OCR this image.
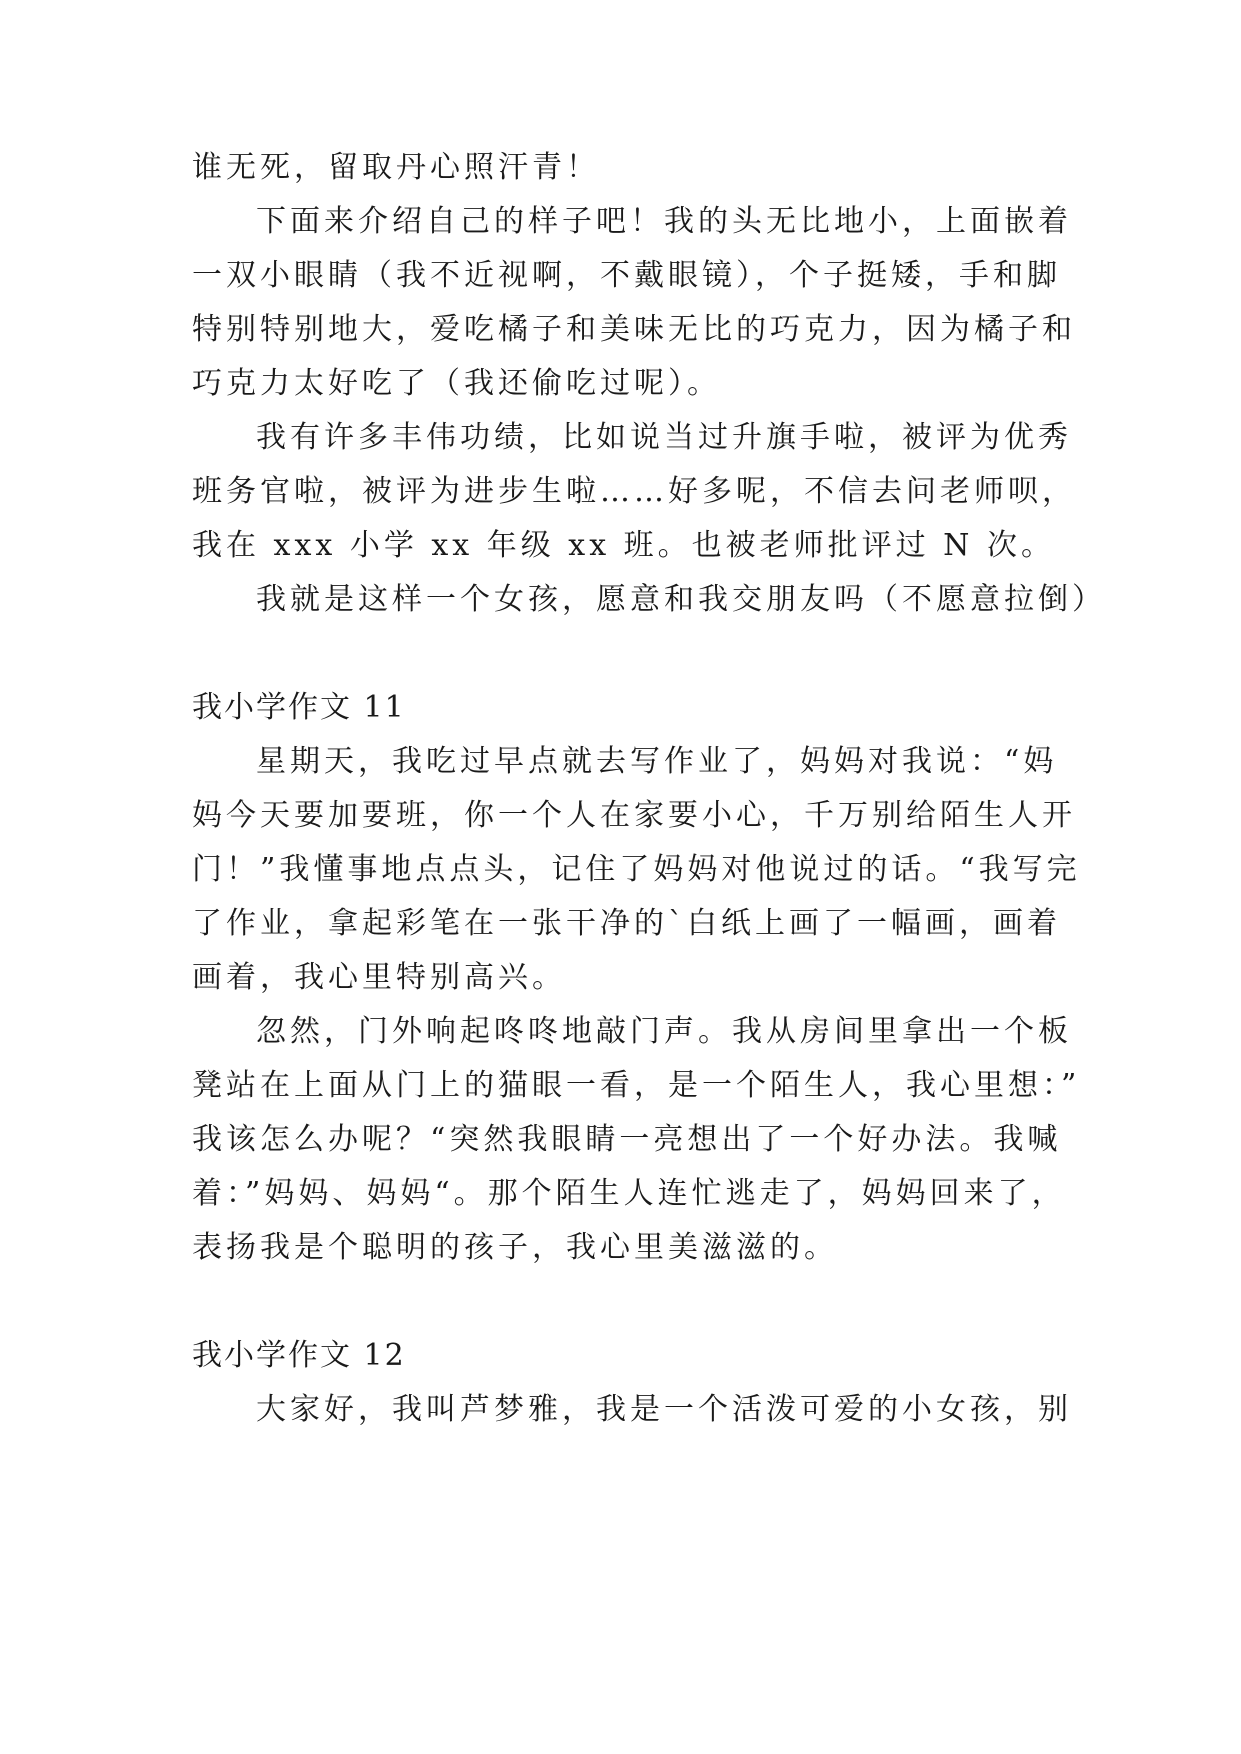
谁无死，留取丹心照汗青！
下面来介绍自己的样子吧！我的头无比地小，上面嵌着
一双小眼睛（我不近视啊，不戴眼镜），个子挺矮，手和脚
特别特别地大，爱吃橘子和美味无比的巧克力，因为橘子和
巧克力太好吃了（我还偷吃过呢）。
我有许多丰伟功绩，比如说当过升旗手啦，被评为优秀
班务官啦，被评为进步生啦……好多呢，不信去问老师呗，
我在 xxx 小学 xx 年级 xx 班。也被老师批评过 N 次。
我就是这样一个女孩，愿意和我交朋友吗（不愿意拉倒）
我小学作文 11
星期天，我吃过早点就去写作业了，妈妈对我说：“妈
妈今天要加要班，你一个人在家要小心，千万别给陌生人开
门！”我懂事地点点头，记住了妈妈对他说过的话。“我写完
了作业，拿起彩笔在一张干净的`白纸上画了一幅画，画着
画着，我心里特别高兴。
忽然，门外响起咚咚地敲门声。我从房间里拿出一个板
凳站在上面从门上的猫眼一看，是一个陌生人，我心里想：”
我该怎么办呢？“突然我眼睛一亮想出了一个好办法。我喊
着：”妈妈、妈妈“。那个陌生人连忙逃走了，妈妈回来了，
表扬我是个聪明的孩子，我心里美滋滋的。
我小学作文 12
大家好，我叫芦梦雅，我是一个活泼可爱的小女孩，别
